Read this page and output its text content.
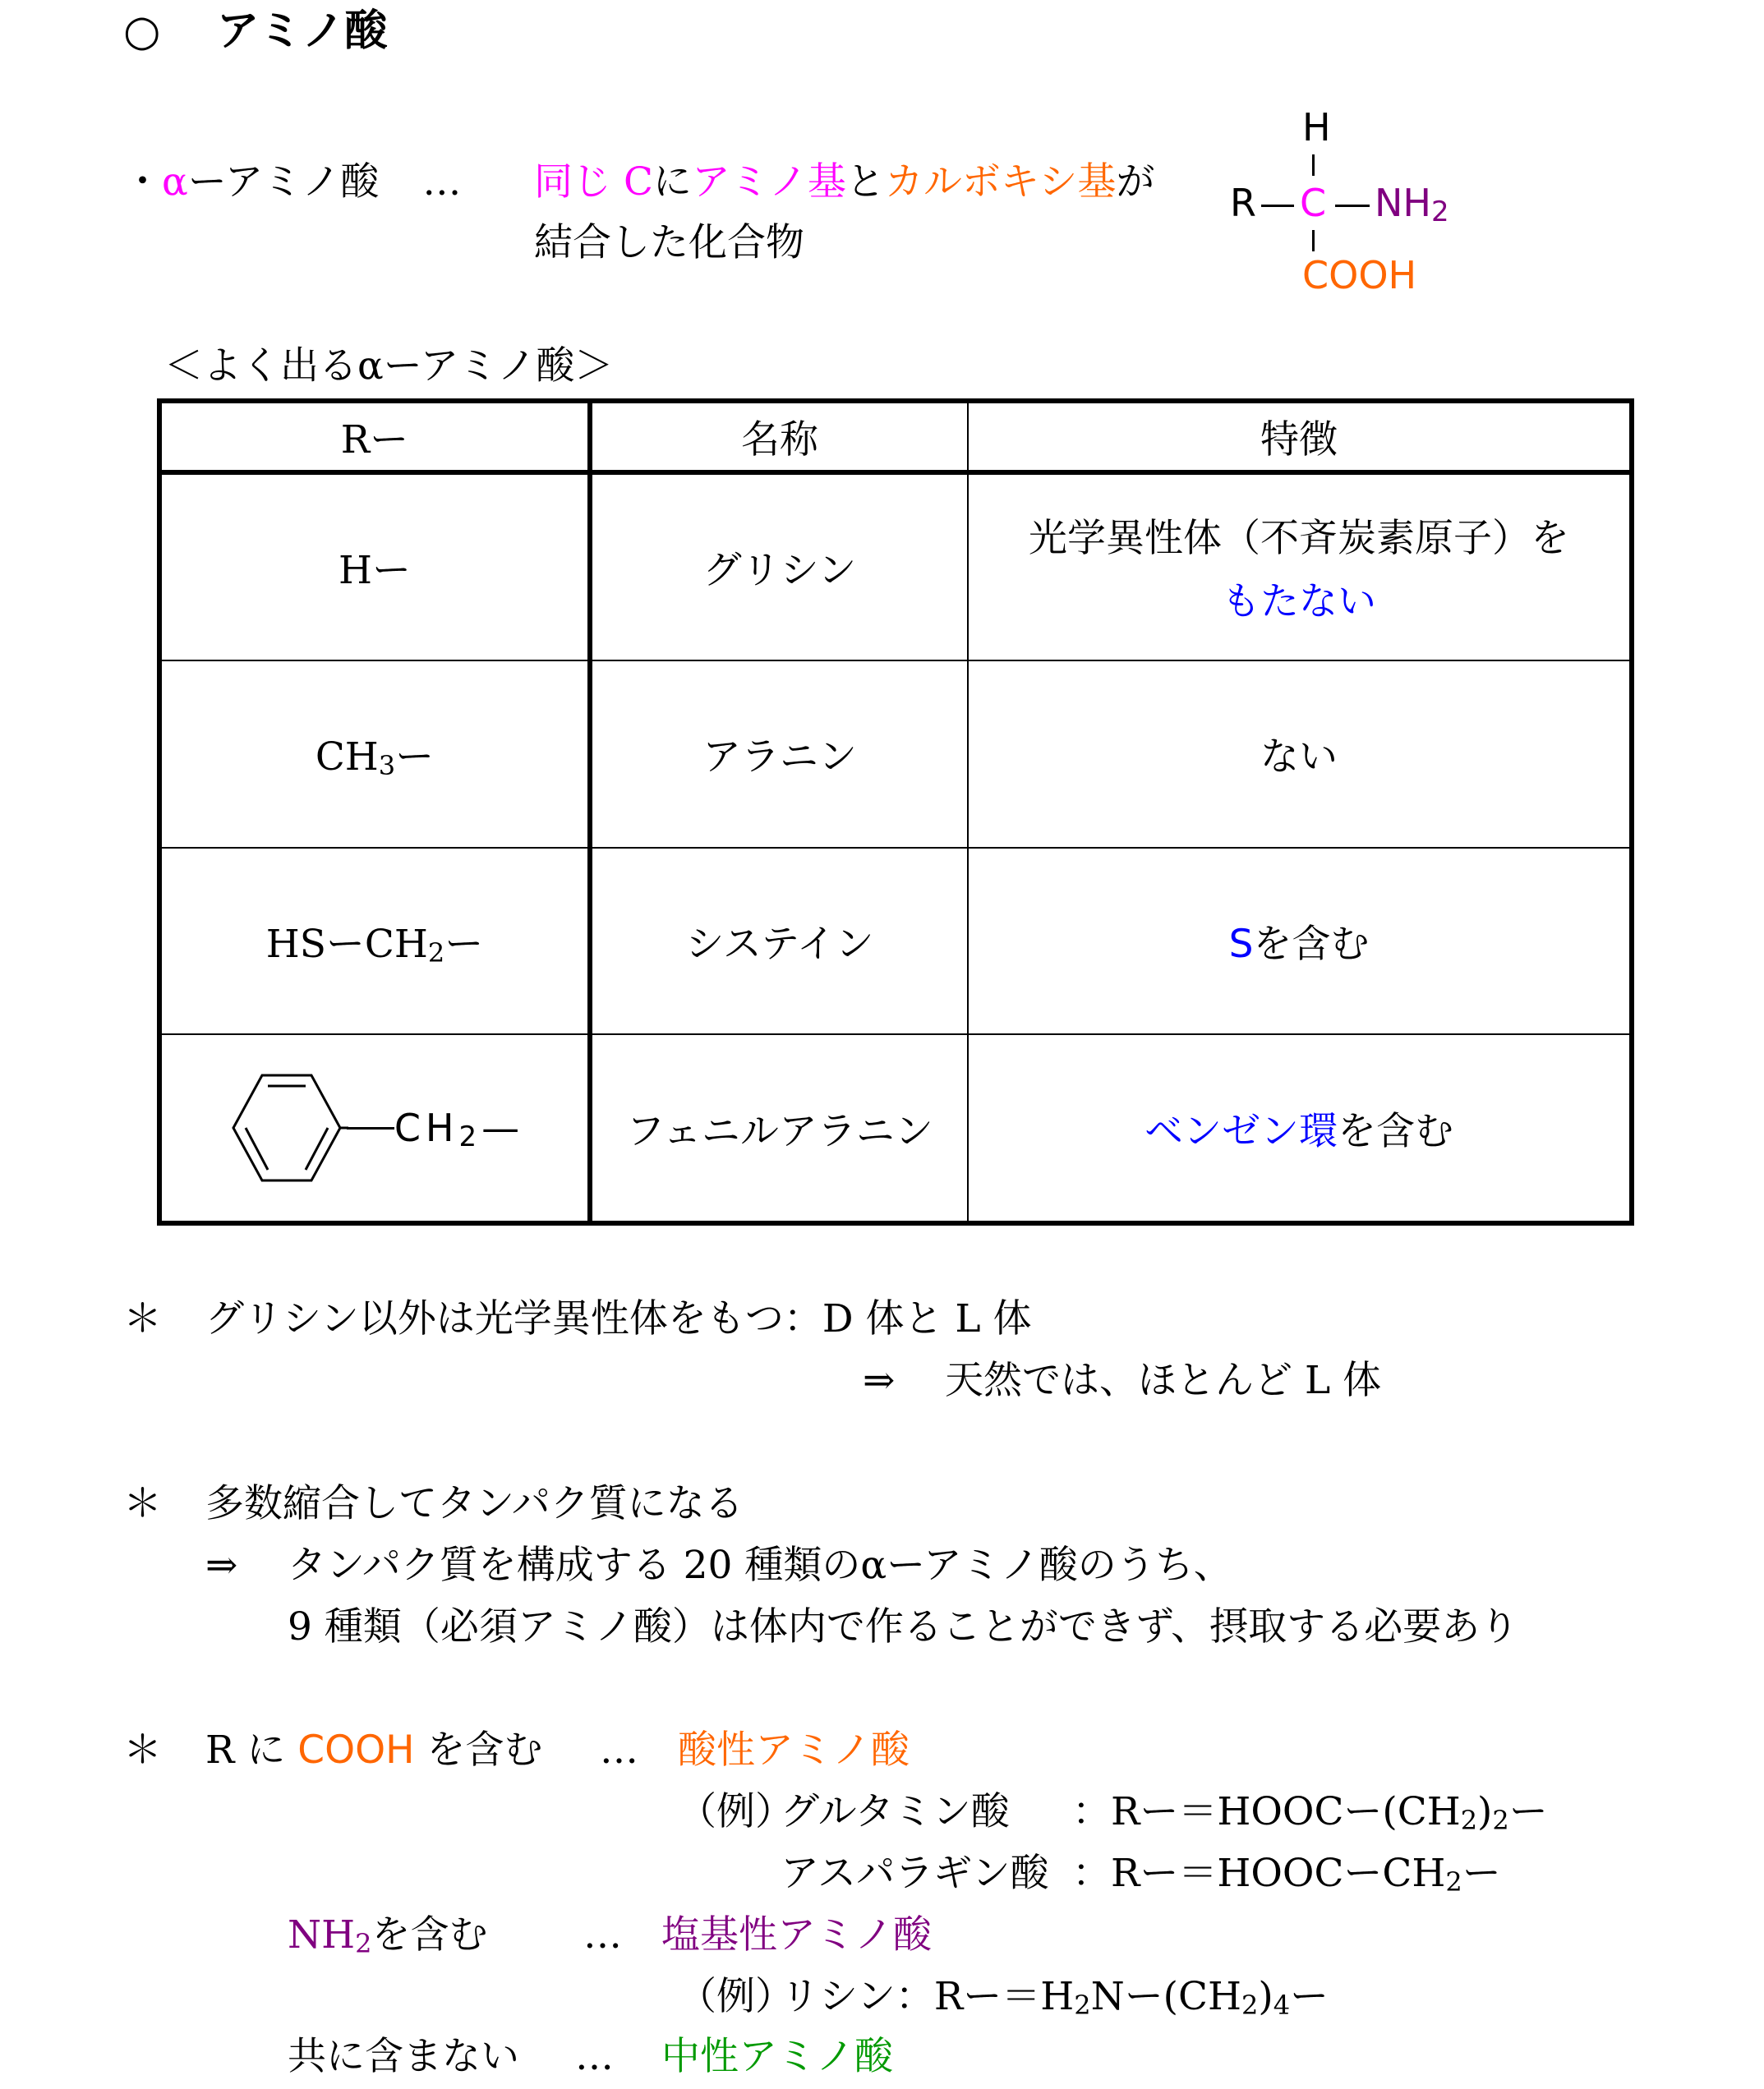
○ アミノ酸
・αーアミノ酸 … 同じ Cにアミノ基とカルボキシ基が
結合した化合物
H
R C $NH_2$
COOH
＜よく出るαーアミノ酸＞
Rー	名称	特徴
Hー	グリシン	光学異性体（不斉炭素原子）を
もたない

$CH_3$ー	アラニン	ない
HSー$CH_2$ー	システイン	Sを含む

$CH_2—$	フェニルアラニン	ベンゼン環を含む
＊ グリシン以外は光学異性体をもつ：D 体と L 体
⇒ 天然では、ほとんど L 体
＊ 多数縮合してタンパク質になる
⇒ タンパク質を構成する 20 種類のαーアミノ酸のうち、
9 種類（必須アミノ酸）は体内で作ることができず、摂取する必要あり
＊ R に COOH を含む … 酸性アミノ酸
（例）
グルタミン酸 ：Rー＝HOOCー$(CH_2)_2$ー
アスパラギン酸 ：Rー＝HOOCー$CH_2$ー
$NH_2$を含む … 塩基性アミノ酸
（例）
リシン：Rー$=H_2N$ー$(CH_2)_4$ー
共に含まない … 中性アミノ酸
